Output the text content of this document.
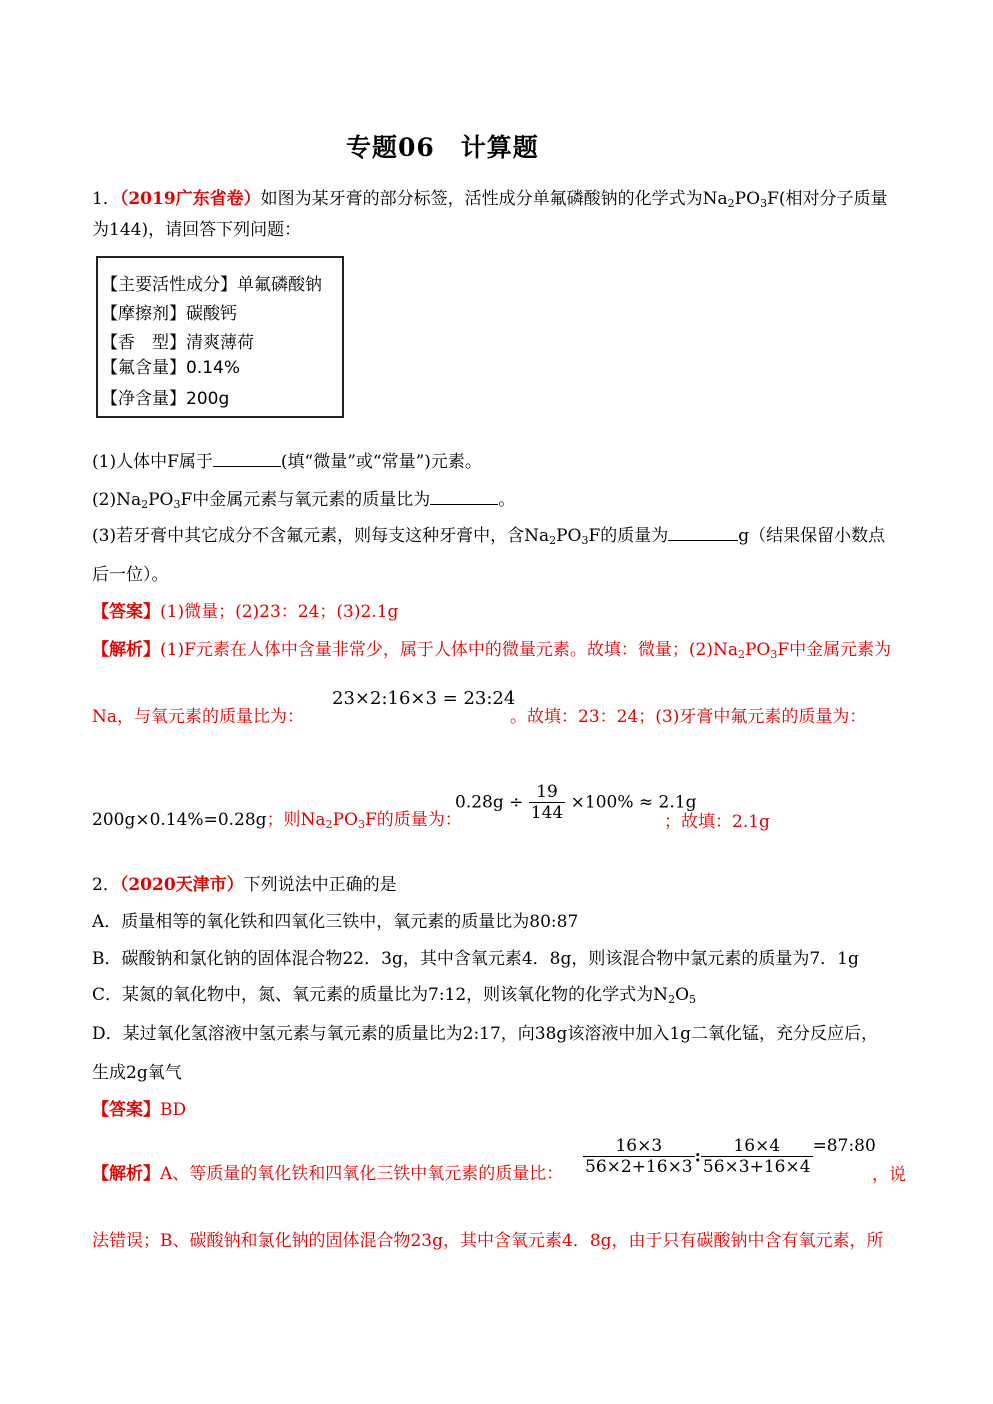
专题06　计算题
1．（2019广东省卷）如图为某牙膏的部分标签，活性成分单氟磷酸钠的化学式为$Na_2PO_3F$(相对分子质量
为144)，请回答下列问题：
【主要活性成分】单氟磷酸钠
【摩擦剂】碳酸钙
【香　型】清爽薄荷
【氟含量】0.14%
【净含量】200g
(1)人体中F属于	(填“微量”或“常量”)元素。
$(2)Na_2PO_3F$中金属元素与氧元素的质量比为	。
(3)若牙膏中其它成分不含氟元素，则每支这种牙膏中，含$Na_2PO_3F$的质量为	g（结果保留小数点
后一位）。
【答案】(1)微量；(2)23：24；(3)2.1g
【解析】(1)F元素在人体中含量非常少，属于人体中的微量元素。故填：微量；$(2)Na_2PO_3F$中金属元素为
Na，与氧元素的质量比为：
23×2:16×3 = 23:24
。故填：23：24；(3)牙膏中氟元素的质量为：
200g×0.14%=0.28g；则$Na_2PO_3F$的质量为：
$0.28g \div \frac{19}{144} \times 100\% \approx 2.1g$
；故填：2.1g
2．（2020天津市）下列说法中正确的是
A．质量相等的氧化铁和四氧化三铁中，氧元素的质量比为80:87
B．碳酸钠和氯化钠的固体混合物22．3g，其中含氧元素4．8g，则该混合物中氯元素的质量为7．1g
C．某氮的氧化物中，氮、氧元素的质量比为7:12，则该氧化物的化学式为$N_2O_5$
D．某过氧化氢溶液中氢元素与氧元素的质量比为2:17，向38g该溶液中加入1g二氧化锰，充分反应后，
生成2g氧气
【答案】BD
【解析】A、等质量的氧化铁和四氧化三铁中氧元素的质量比： $\frac{16\times 3}{56\times 2+16\times 3}$ : $\frac{16\times 4}{56\times 3+16\times 4}$ =87:80
，说
法错误；B、碳酸钠和氯化钠的固体混合物23g，其中含氧元素4．8g，由于只有碳酸钠中含有氧元素，所
